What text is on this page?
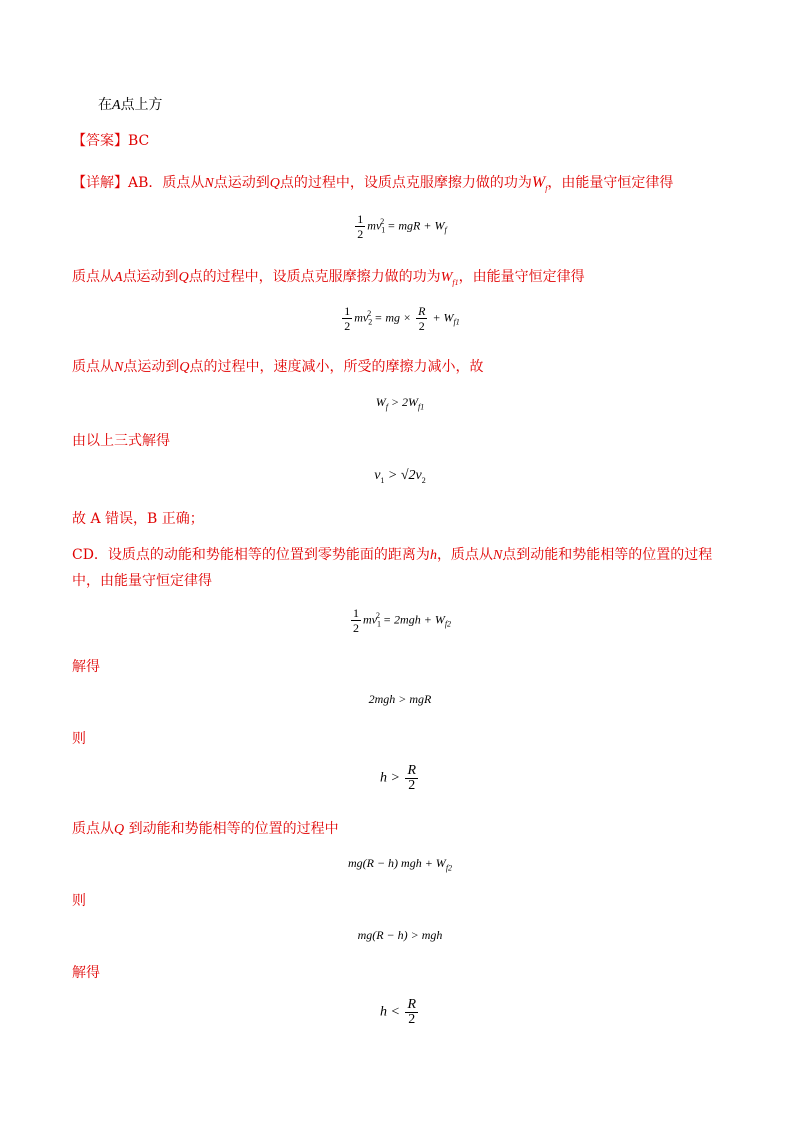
在A点上方
【答案】BC
【详解】AB．质点从N点运动到Q点的过程中，设质点克服摩擦力做的功为$W_f$，由能量守恒定律得
$\frac{1}{2} mv_1^2$ = mgR + $W_f$
质点从A点运动到Q点的过程中，设质点克服摩擦力做的功为$W_{f1}$，由能量守恒定律得
$\frac{1}{2} mv_2^2$ = mg × $\frac{R}{2} + W_{f1}$
质点从N点运动到Q点的过程中，速度减小，所受的摩擦力减小，故
$W_f > 2W_{f1}$
由以上三式解得
$v_1 > √2v_2$
故 A 错误，B 正确；
CD．设质点的动能和势能相等的位置到零势能面的距离为h，质点从N点到动能和势能相等的位置的过程
中，由能量守恒定律得
$\frac{1}{2} mv_1^2 = 2mgh + W_{f2}$
解得
2mgh > mgR
则
$h > \frac{R}{2}$
质点从Q 到动能和势能相等的位置的过程中
mg(R − h) mgh + $W_{f2}$
则
mg(R − h) > mgh
解得
$h < \frac{R}{2}$
